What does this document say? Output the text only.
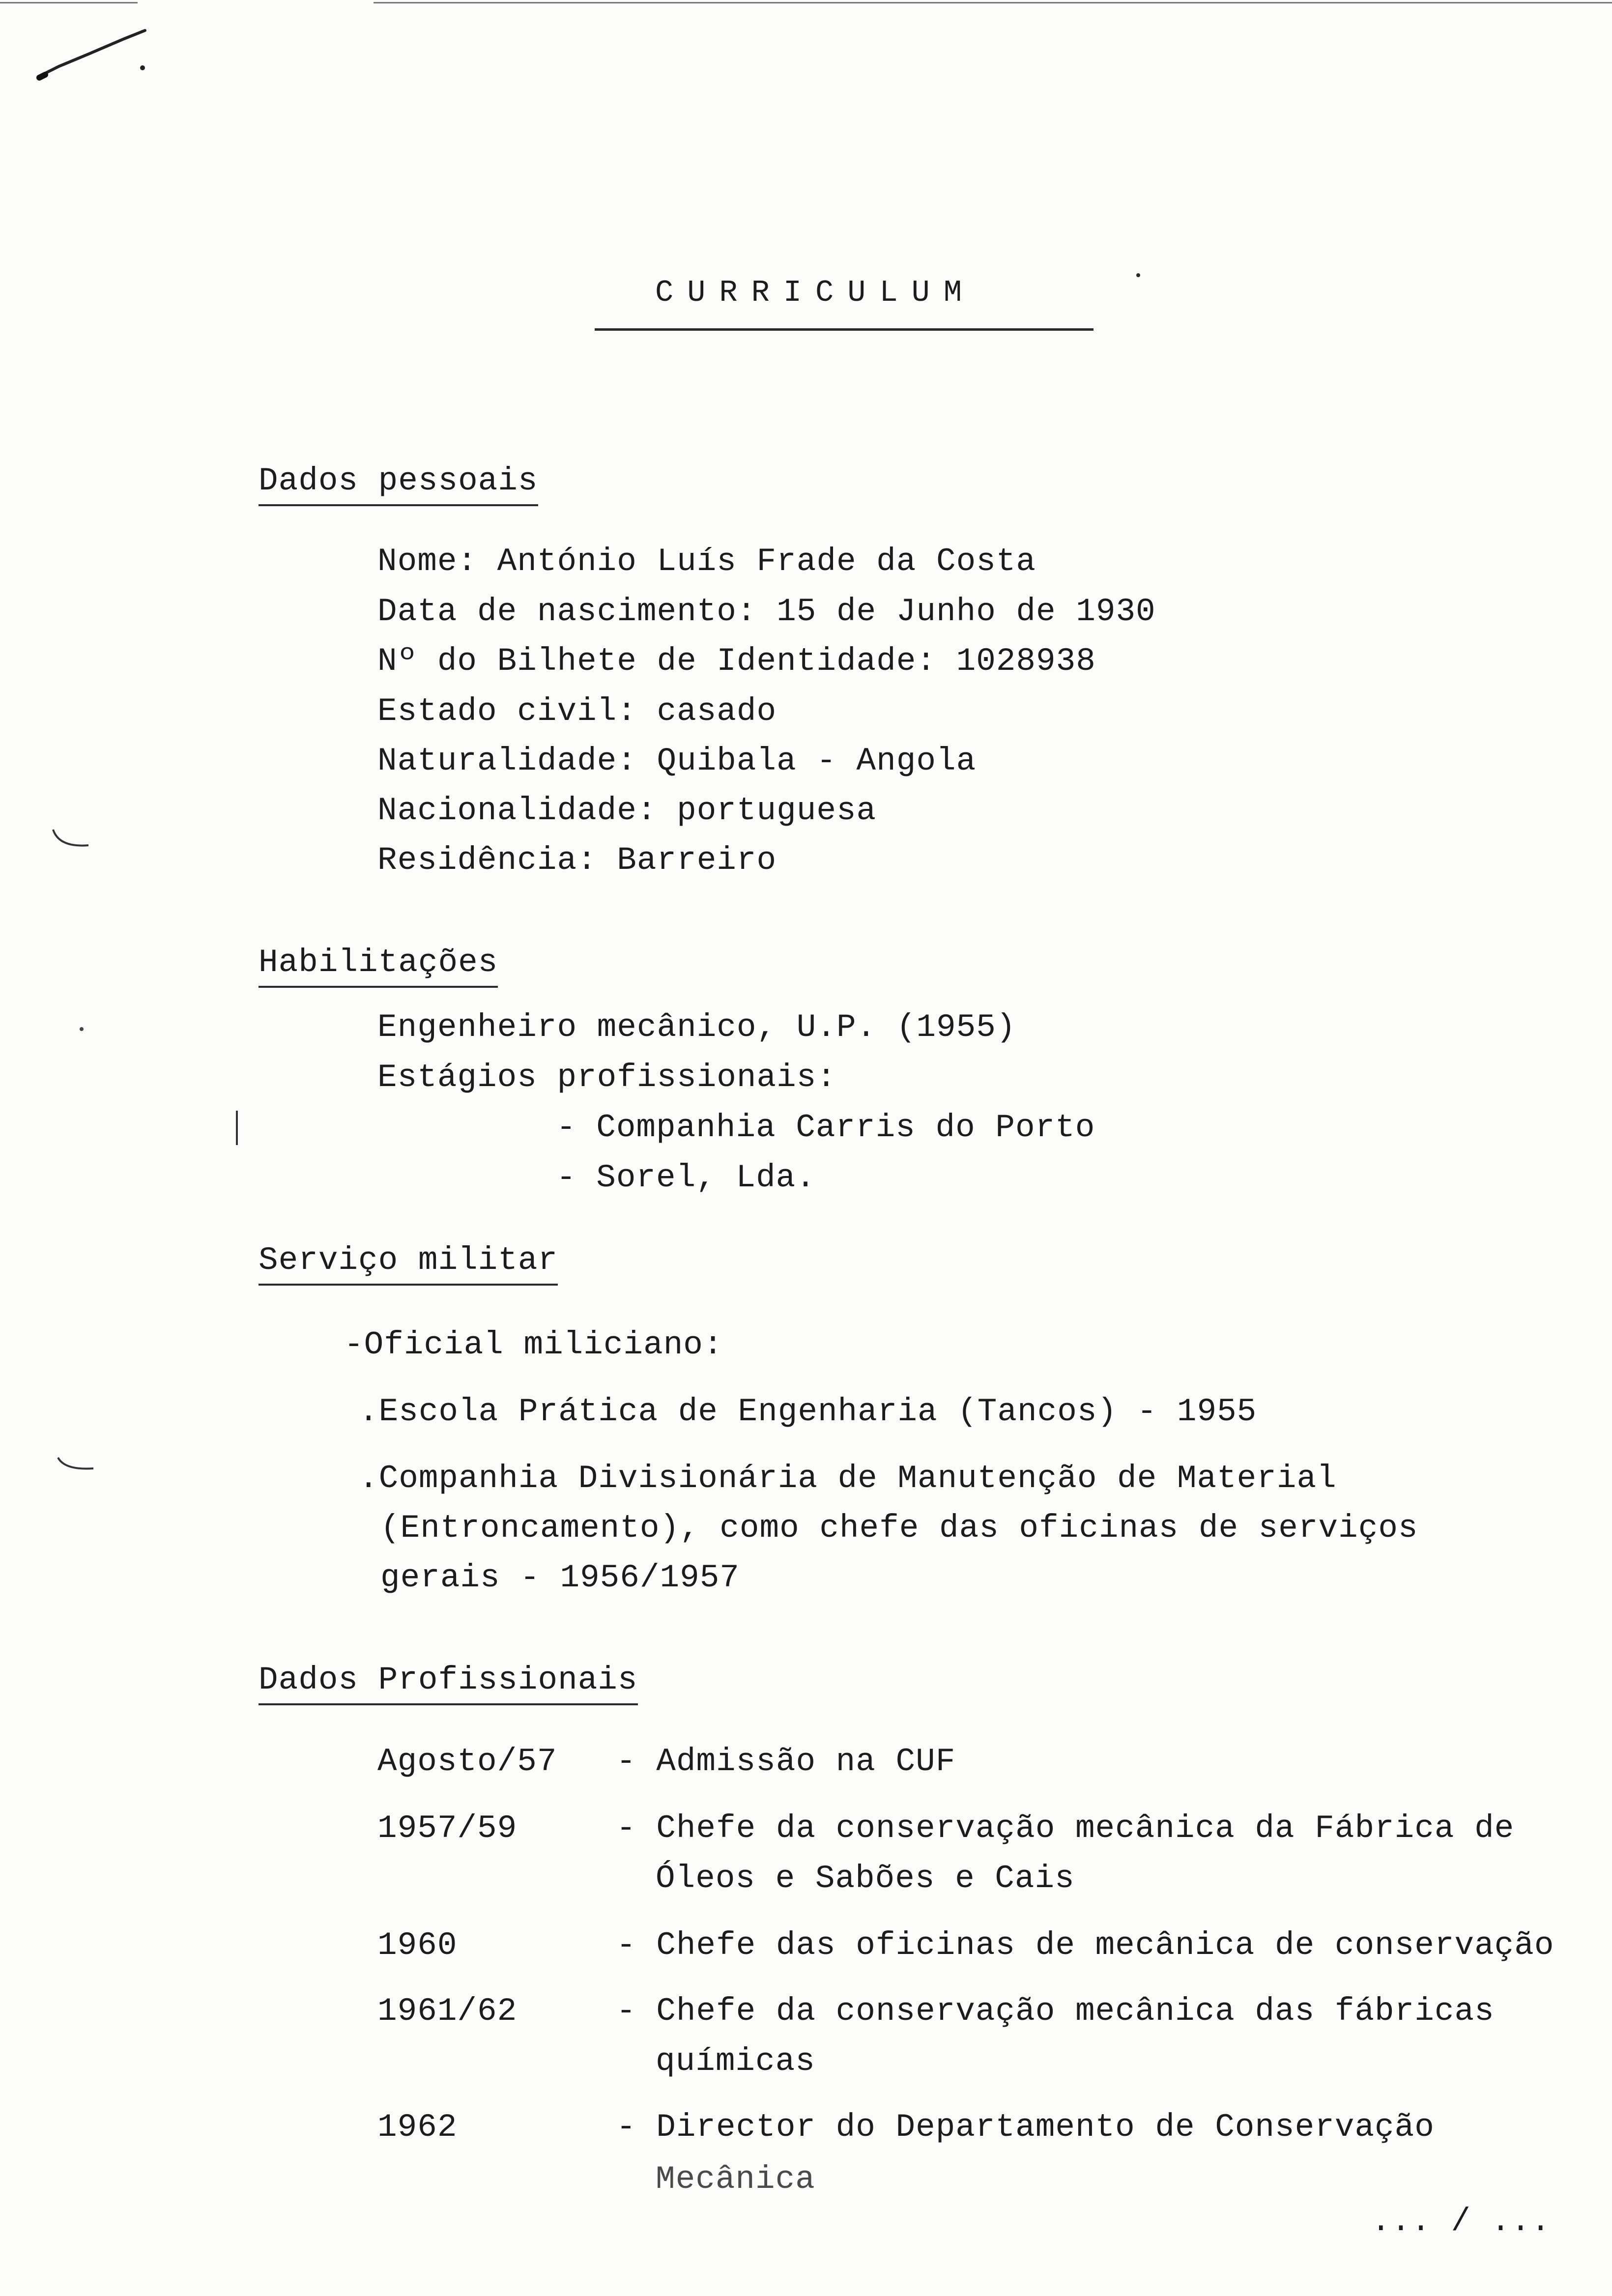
CURRICULUM
Dados pessoais
Nome: António Luís Frade da Costa
Data de nascimento: 15 de Junho de 1930
Nº do Bilhete de Identidade: 1028938
Estado civil: casado
Naturalidade: Quibala - Angola
Nacionalidade: portuguesa
Residência: Barreiro
Habilitações
Engenheiro mecânico, U.P. (1955)
Estágios profissionais:
- Companhia Carris do Porto
- Sorel, Lda.
Serviço militar
-Oficial miliciano:
.Escola Prática de Engenharia (Tancos) - 1955
.Companhia Divisionária de Manutenção de Material
(Entroncamento), como chefe das oficinas de serviços
gerais - 1956/1957
Dados Profissionais
Agosto/57 - Admissão na CUF
1957/59	- Chefe da conservação mecânica da Fábrica de
Óleos e Sabões e Cais
1960	- Chefe das oficinas de mecânica de conservação
1961/62	- Chefe da conservação mecânica das fábricas
químicas
1962	- Director do Departamento de Conservação
Mecânica
... / ...
